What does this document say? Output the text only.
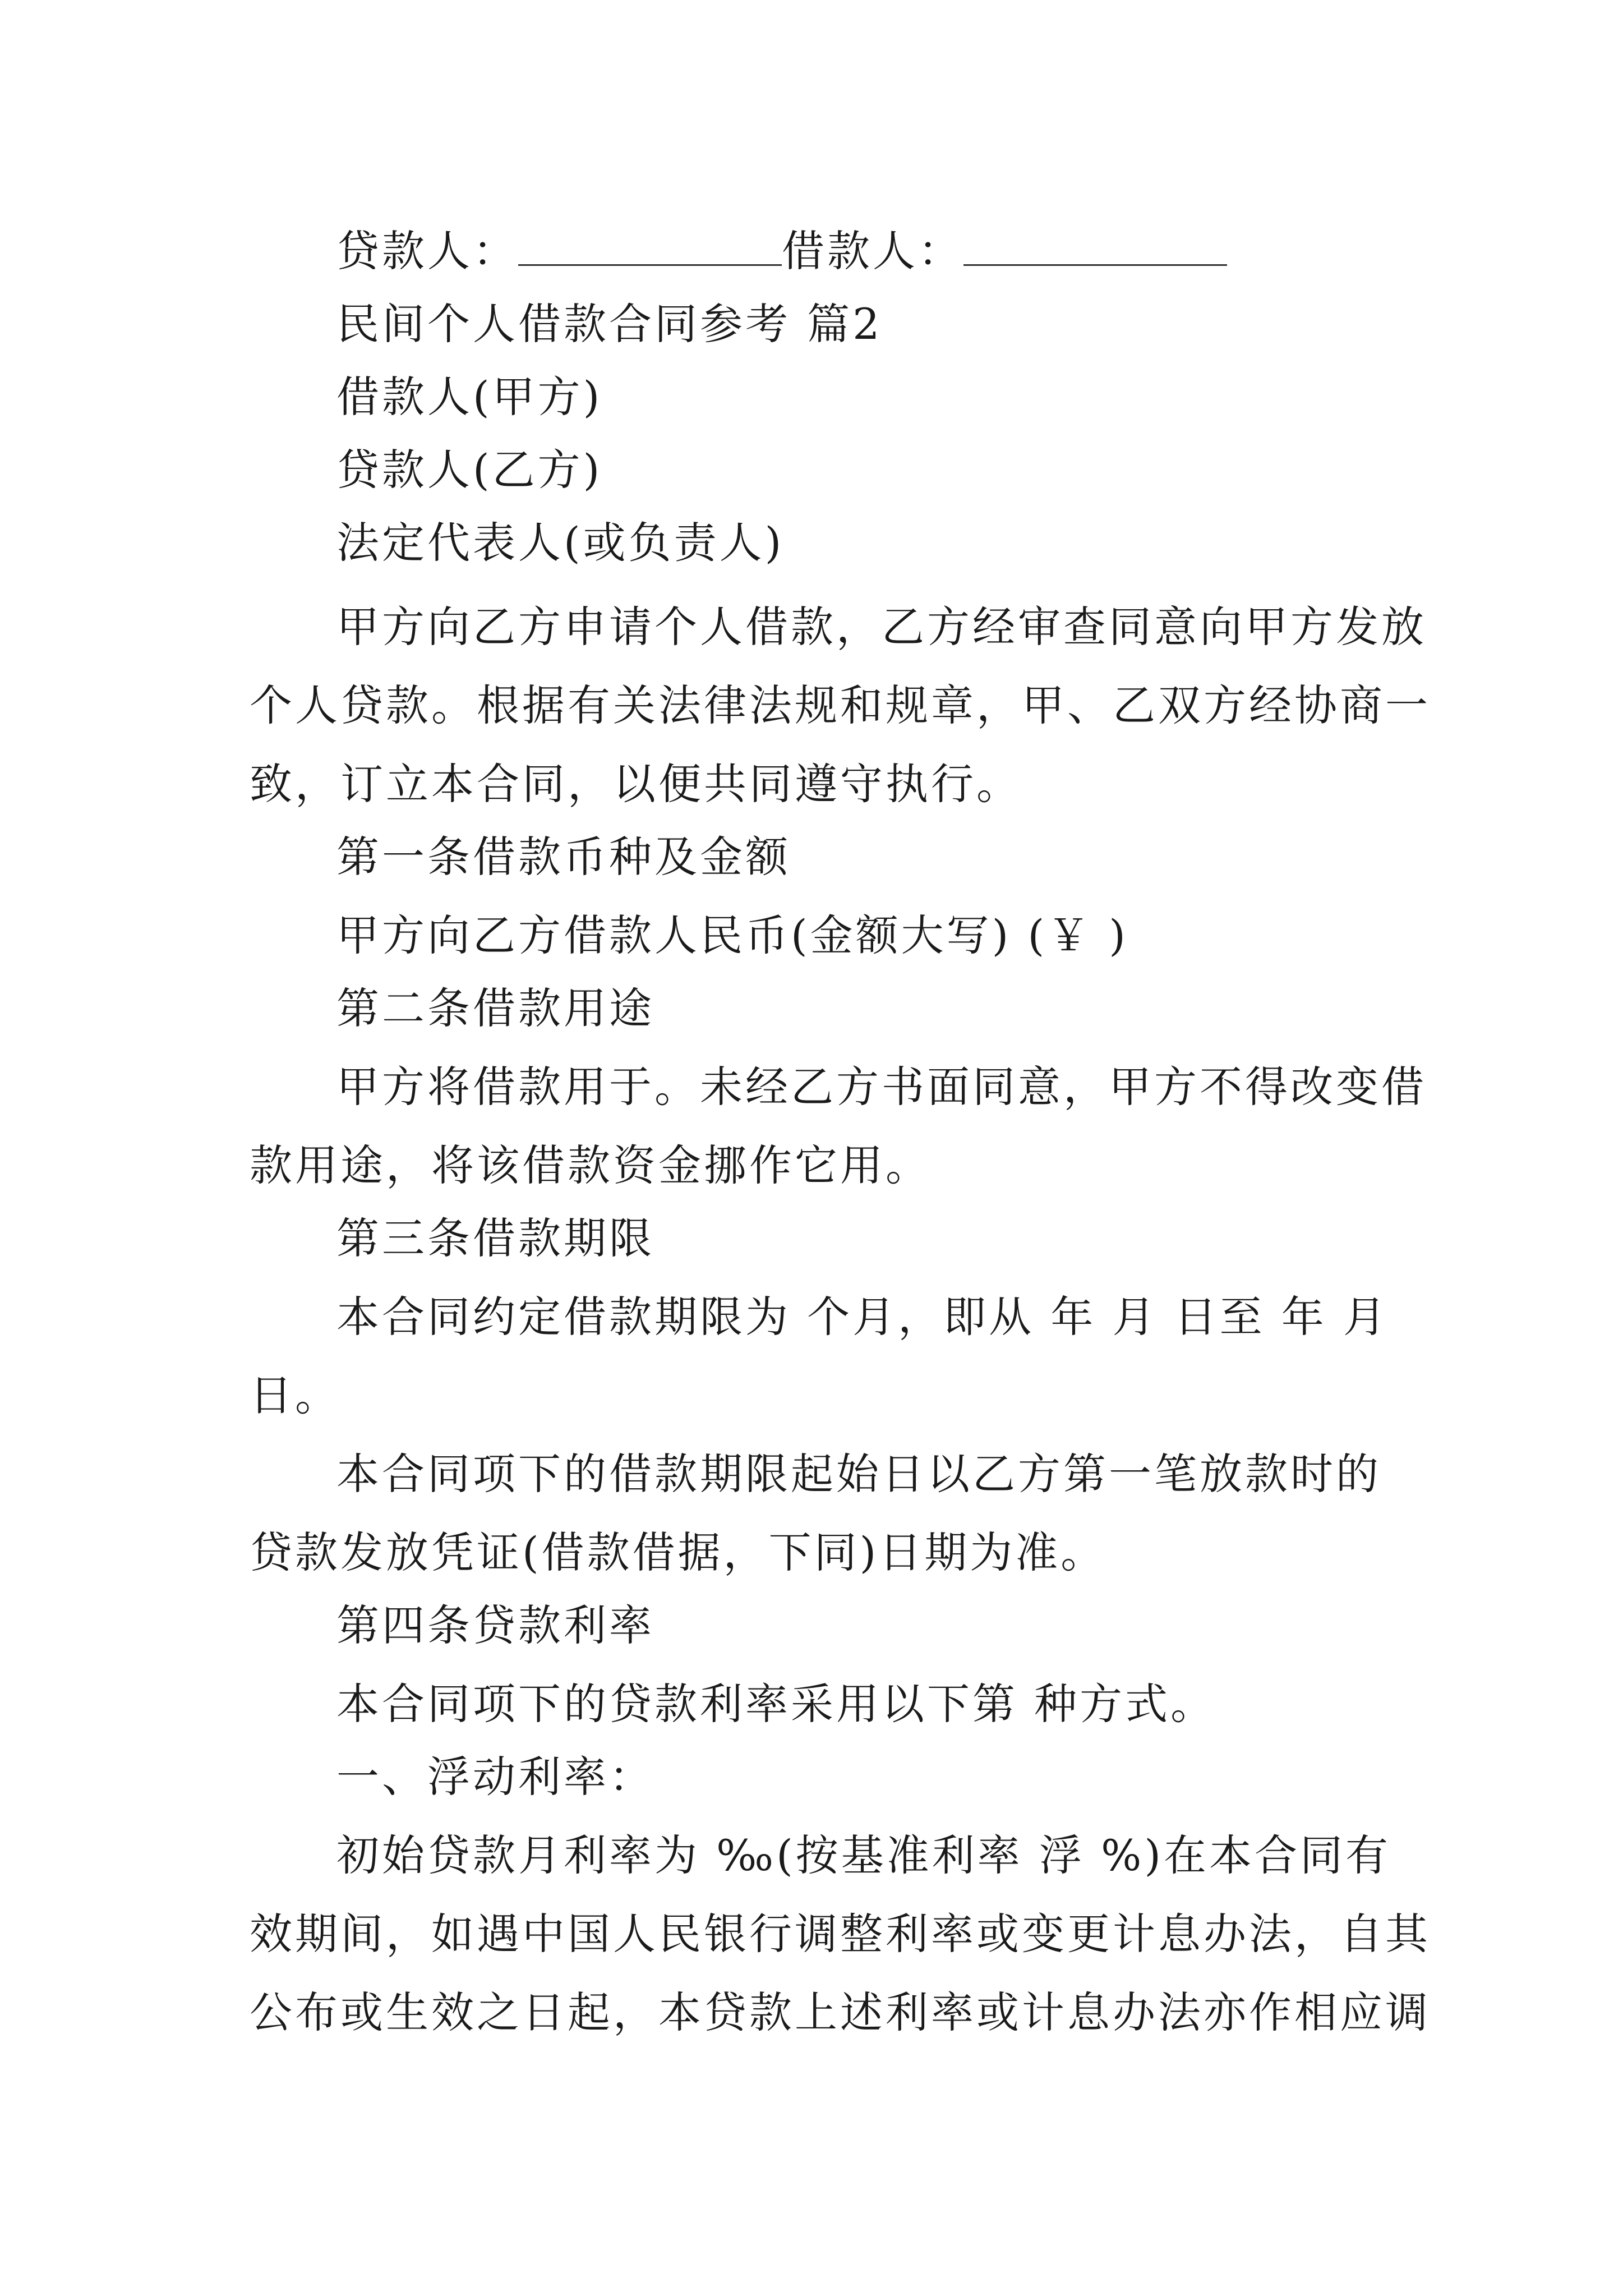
贷款人：	借款人：
民间个人借款合同参考 篇2
借款人(甲方)
贷款人(乙方)
法定代表人(或负责人)
甲方向乙方申请个人借款，乙方经审查同意向甲方发放
个人贷款。根据有关法律法规和规章，甲、乙双方经协商一
致，订立本合同，以便共同遵守执行。
第一条借款币种及金额
甲方向乙方借款人民币(金额大写) (￥ )
第二条借款用途
甲方将借款用于。未经乙方书面同意，甲方不得改变借
款用途，将该借款资金挪作它用。
第三条借款期限
本合同约定借款期限为 个月，即从 年 月 日至 年 月
日。
本合同项下的借款期限起始日以乙方第一笔放款时的
贷款发放凭证(借款借据，下同)日期为准。
第四条贷款利率
本合同项下的贷款利率采用以下第 种方式。
一、浮动利率：
初始贷款月利率为 ‰(按基准利率 浮 %)在本合同有
效期间，如遇中国人民银行调整利率或变更计息办法，自其
公布或生效之日起，本贷款上述利率或计息办法亦作相应调
